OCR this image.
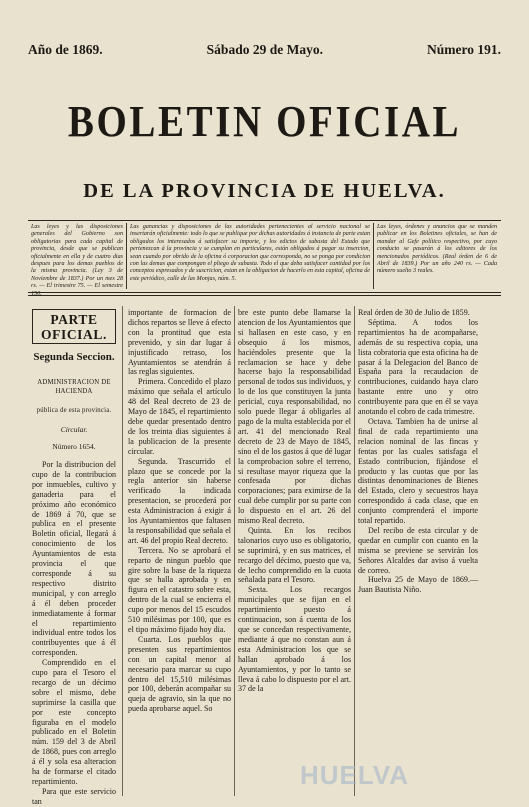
Año de 1869.	Sábado 29 de Mayo.	Número 191.
BOLETIN OFICIAL
DE LA PROVINCIA DE HUELVA.
Las leyes y las disposiciones generales del Gobierno son obligatorias para cada capital de provincia, desde que se publican oficialmente en ella y de cuatro dias despues para los demas pueblos de la misma provincia. (Ley 3 de Noviembre de 1837.) Por un mes 28 rs. — El trimestre 75. — El semestre 150.
Las ganancias y disposiciones de las autoridades pertenecientes al servicio nacional se insertarán oficialmente: todo lo que se publique por dichas autoridades á instancia de parte estan obligados los interesados á satisfacer su importe, y los edictos de subasta del Estado que pertenezcan á la provincia y se cumplan en particulares, están obligados á pagar su insercion, sean cuando por obrido de la oficina ó corporacion que corresponda, no se ponga por condicion con las demas que compongan el pliego de subasta. Todo el que deba satisfacer cantidad por los conceptos expresados y de suscricion, estan en la obligacion de hacerlo en esta capital, oficina de este periódico, calle de las Monjas, núm. 5.
Las leyes, órdenes y anuncios que se manden publicar en los Boletines oficiales, se han de mandar al Gefe político respectivo, por cuyo conducto se pasarán á los editores de los mencionados periódicos. (Real órden de 6 de Abril de 1839.) Por un año 240 rs. — Cada número suelto 3 reales.
PARTE OFICIAL.
Segunda Seccion.
ADMINISTRACION DE HACIENDA
pública de esta provincia.
Circular.
Número 1654.

Por la distribucion del cupo de la contribucion por inmuebles, cultivo y ganaderia para el próximo año económico de 1869 á 70, que se publica en el presente Boletin oficial, llegará á conocimiento de los Ayuntamientos de esta provincia el que corresponde á su respectivo distrito municipal, y con arreglo á él deben proceder inmediatamente á formar el repartimiento individual entre todos los contribuyentes que á él corresponden.

Comprendido en el cupo para el Tesoro el recargo de un décimo sobre el mismo, debe suprimirse la casilla que por este concepto figuraba en el modelo publicado en el Boletin núm. 159 del 3 de Abril de 1868, pues con arreglo á él y sola esa alteracion ha de formarse el citado repartimiento.

Para que este servicio tan

importante de formacion de dichos repartos se lleve á efecto con la prontitud que esta prevenido, y sin dar lugar á injustificado retraso, los Ayuntamientos se atendrán á las reglas siguientes.

Primera. Concedido el plazo máximo que señala el artículo 48 del Real decreto de 23 de Mayo de 1845, el repartimiento debe quedar presentado dentro de los treinta dias siguientes á la publicacion de la presente circular.

Segunda. Trascurrido el plazo que se concede por la regla anterior sin haberse verificado la indicada presentacion, se procederá por esta Administracion á exigir á los Ayuntamientos que faltasen la responsabilidad que señala el art. 46 del propio Real decreto.

Tercera. No se aprobará el reparto de ningun pueblo que gire sobre la base de la riqueza que se halla aprobada y en figura en el catastro sobre esta, dentro de la cual se encierra el cupo por menos del 15 escudos 510 milésimas por 100, que es el tipo máximo fijado hoy dia.

Cuarta. Los pueblos que presenten sus repartimientos con un capital menor al necesario para marcar su cupo dentro del 15,510 milésimas por 100, deberán acompañar su queja de agravio, sin la que no pueda aprobarse aquel. So

bre este punto debe llamarse la atencion de los Ayuntamientos que si hallasen en este caso, y en obsequio á los mismos, haciéndoles presente que la reclamacion se hace y debe hacerse bajo la responsabilidad personal de todos sus individuos, y lo de los que constituyen la junta pericial, cuya responsabilidad, no solo puede llegar á obligarles al pago de la multa establecida por el art. 41 del mencionado Real decreto de 23 de Mayo de 1845, sino el de los gastos á que dé lugar la comprobacion sobre el terreno, si resultase mayor riqueza que la confesada por dichas corporaciones; para eximirse de la cual debe cumplir por su parte con lo dispuesto en el art. 26 del mismo Real decreto.

Quinta. En los recibos talonarios cuyo uso es obligatorio, se suprimirá, y en sus matrices, el recargo del décimo, puesto que va, de lecho comprendido en la cuota señalada para el Tesoro.

Sexta. Los recargos municipales que se fijan en el repartimiento puesto á continuacion, son á cuenta de los que se concedan respectivamente, mediante á que no constan aun á esta Administracion los que se hallan aprobado á los Ayuntamientos, y por lo tanto se lleva á cabo lo dispuesto por el art. 37 de la

Real órden de 30 de Julio de 1859.

Séptima. A todos los repartimientos ha de acompañarse, además de su respectiva copia, una lista cobratoria que esta oficina ha de pasar á la Delegacion del Banco de España para la recaudacion de contribuciones, cuidando haya claro bastante entre uno y otro contribuyente para que en él se vaya anotando el cobro de cada trimestre.

Octava. Tambien ha de unirse al final de cada repartimiento una relacion nominal de las fincas y fentas por las cuales satisfaga el Estado contribucion, fijándose el producto y las cuotas que por las distintas denominaciones de Bienes del Estado, clero y secuestros haya correspondido á cada clase, que en conjunto comprenderá el importe total repartido.

Del recibo de esta circular y de quedar en cumplir con cuanto en la misma se previene se servirán los Señores Alcaldes dar aviso á vuelta de correo.

Huelva 25 de Mayo de 1869.—Juan Bautista Niño.

HUELVA
